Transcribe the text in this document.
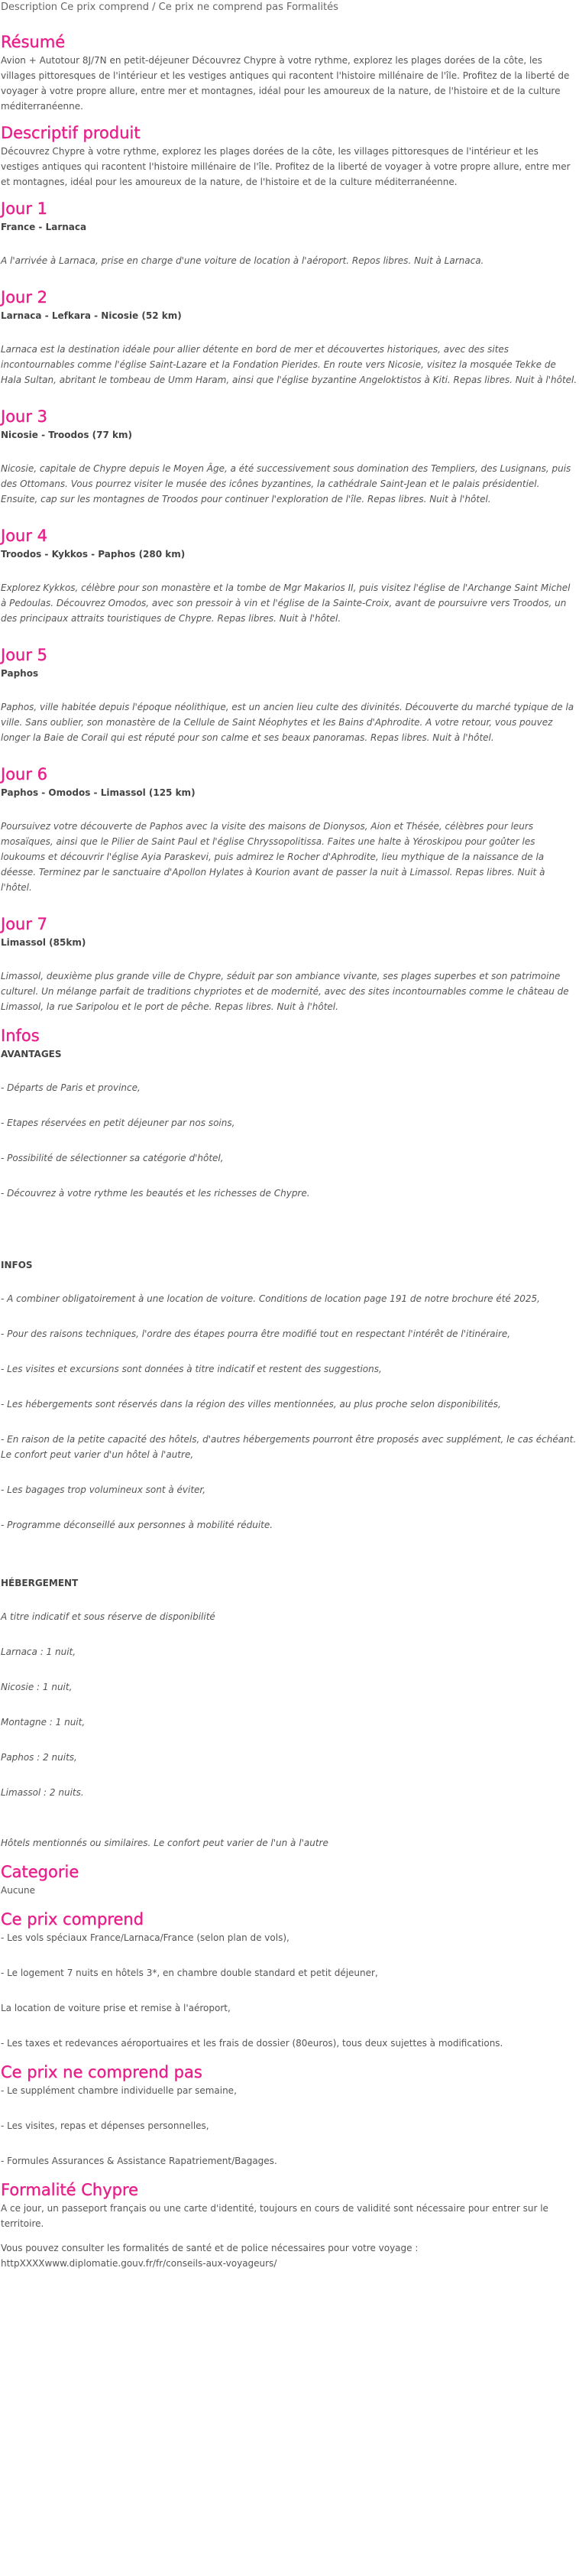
Description Ce prix comprend / Ce prix ne comprend pas Formalités

Résumé

Avion + Autotour 8J/7N en petit-déjeuner Découvrez Chypre à votre rythme, explorez les plages dorées de la côte, les villages pittoresques de l'intérieur et les vestiges antiques qui racontent l'histoire millénaire de l'île. Profitez de la liberté de voyager à votre propre allure, entre mer et montagnes, idéal pour les amoureux de la nature, de l'histoire et de la culture méditerranéenne.

Descriptif produit

Découvrez Chypre à votre rythme, explorez les plages dorées de la côte, les villages pittoresques de l'intérieur et les vestiges antiques qui racontent l'histoire millénaire de l'île. Profitez de la liberté de voyager à votre propre allure, entre mer et montagnes, idéal pour les amoureux de la nature, de l'histoire et de la culture méditerranéenne.

Jour 1

France - Larnaca

A l'arrivée à Larnaca, prise en charge d'une voiture de location à l'aéroport. Repos libres. Nuit à Larnaca.

Jour 2

Larnaca - Lefkara - Nicosie (52 km)

Larnaca est la destination idéale pour allier détente en bord de mer et découvertes historiques, avec des sites incontournables comme l'église Saint-Lazare et la Fondation Pierides. En route vers Nicosie, visitez la mosquée Tekke de Hala Sultan, abritant le tombeau de Umm Haram, ainsi que l'église byzantine Angeloktistos à Kiti. Repas libres. Nuit à l'hôtel.

Jour 3

Nicosie - Troodos (77 km)

Nicosie, capitale de Chypre depuis le Moyen Âge, a été successivement sous domination des Templiers, des Lusignans, puis des Ottomans. Vous pourrez visiter le musée des icônes byzantines, la cathédrale Saint-Jean et le palais présidentiel. Ensuite, cap sur les montagnes de Troodos pour continuer l'exploration de l'île. Repas libres. Nuit à l'hôtel.

Jour 4

Troodos - Kykkos - Paphos (280 km)

Explorez Kykkos, célèbre pour son monastère et la tombe de Mgr Makarios II, puis visitez l'église de l'Archange Saint Michel à Pedoulas. Découvrez Omodos, avec son pressoir à vin et l'église de la Sainte-Croix, avant de poursuivre vers Troodos, un des principaux attraits touristiques de Chypre. Repas libres. Nuit à l'hôtel.

Jour 5

Paphos

Paphos, ville habitée depuis l'époque néolithique, est un ancien lieu culte des divinités. Découverte du marché typique de la ville. Sans oublier, son monastère de la Cellule de Saint Néophytes et les Bains d'Aphrodite. A votre retour, vous pouvez longer la Baie de Corail qui est réputé pour son calme et ses beaux panoramas. Repas libres. Nuit à l'hôtel.

Jour 6

Paphos - Omodos - Limassol (125 km)

Poursuivez votre découverte de Paphos avec la visite des maisons de Dionysos, Aion et Thésée, célèbres pour leurs mosaïques, ainsi que le Pilier de Saint Paul et l'église Chryssopolitissa. Faites une halte à Yéroskipou pour goûter les loukoums et découvrir l'église Ayia Paraskevi, puis admirez le Rocher d'Aphrodite, lieu mythique de la naissance de la déesse. Terminez par le sanctuaire d'Apollon Hylates à Kourion avant de passer la nuit à Limassol. Repas libres. Nuit à l'hôtel.

Jour 7

Limassol (85km)

Limassol, deuxième plus grande ville de Chypre, séduit par son ambiance vivante, ses plages superbes et son patrimoine culturel. Un mélange parfait de traditions chypriotes et de modernité, avec des sites incontournables comme le château de Limassol, la rue Saripolou et le port de pêche. Repas libres. Nuit à l'hôtel.

Infos

AVANTAGES

- Départs de Paris et province,

- Etapes réservées en petit déjeuner par nos soins,

- Possibilité de sélectionner sa catégorie d'hôtel,

- Découvrez à votre rythme les beautés et les richesses de Chypre.

INFOS

- A combiner obligatoirement à une location de voiture. Conditions de location page 191 de notre brochure été 2025,

- Pour des raisons techniques, l'ordre des étapes pourra être modifié tout en respectant l'intérêt de l'itinéraire,

- Les visites et excursions sont données à titre indicatif et restent des suggestions,

- Les hébergements sont réservés dans la région des villes mentionnées, au plus proche selon disponibilités,

- En raison de la petite capacité des hôtels, d'autres hébergements pourront être proposés avec supplément, le cas échéant. Le confort peut varier d'un hôtel à l'autre,

- Les bagages trop volumineux sont à éviter,

- Programme déconseillé aux personnes à mobilité réduite.

HÉBERGEMENT

A titre indicatif et sous réserve de disponibilité

Larnaca : 1 nuit,

Nicosie : 1 nuit,

Montagne : 1 nuit,

Paphos : 2 nuits,

Limassol : 2 nuits.

Hôtels mentionnés ou similaires. Le confort peut varier de l'un à l'autre

Categorie

Aucune

Ce prix comprend

- Les vols spéciaux France/Larnaca/France (selon plan de vols),

- Le logement 7 nuits en hôtels 3*, en chambre double standard et petit déjeuner,

La location de voiture prise et remise à l'aéroport,

- Les taxes et redevances aéroportuaires et les frais de dossier (80euros), tous deux sujettes à modifications.

Ce prix ne comprend pas

- Le supplément chambre individuelle par semaine,

- Les visites, repas et dépenses personnelles,

- Formules Assurances & Assistance Rapatriement/Bagages.

Formalité Chypre

A ce jour, un passeport français ou une carte d'identité, toujours en cours de validité sont nécessaire pour entrer sur le territoire.

Vous pouvez consulter les formalités de santé et de police nécessaires pour votre voyage : httpXXXXwww.diplomatie.gouv.fr/fr/conseils-aux-voyageurs/
